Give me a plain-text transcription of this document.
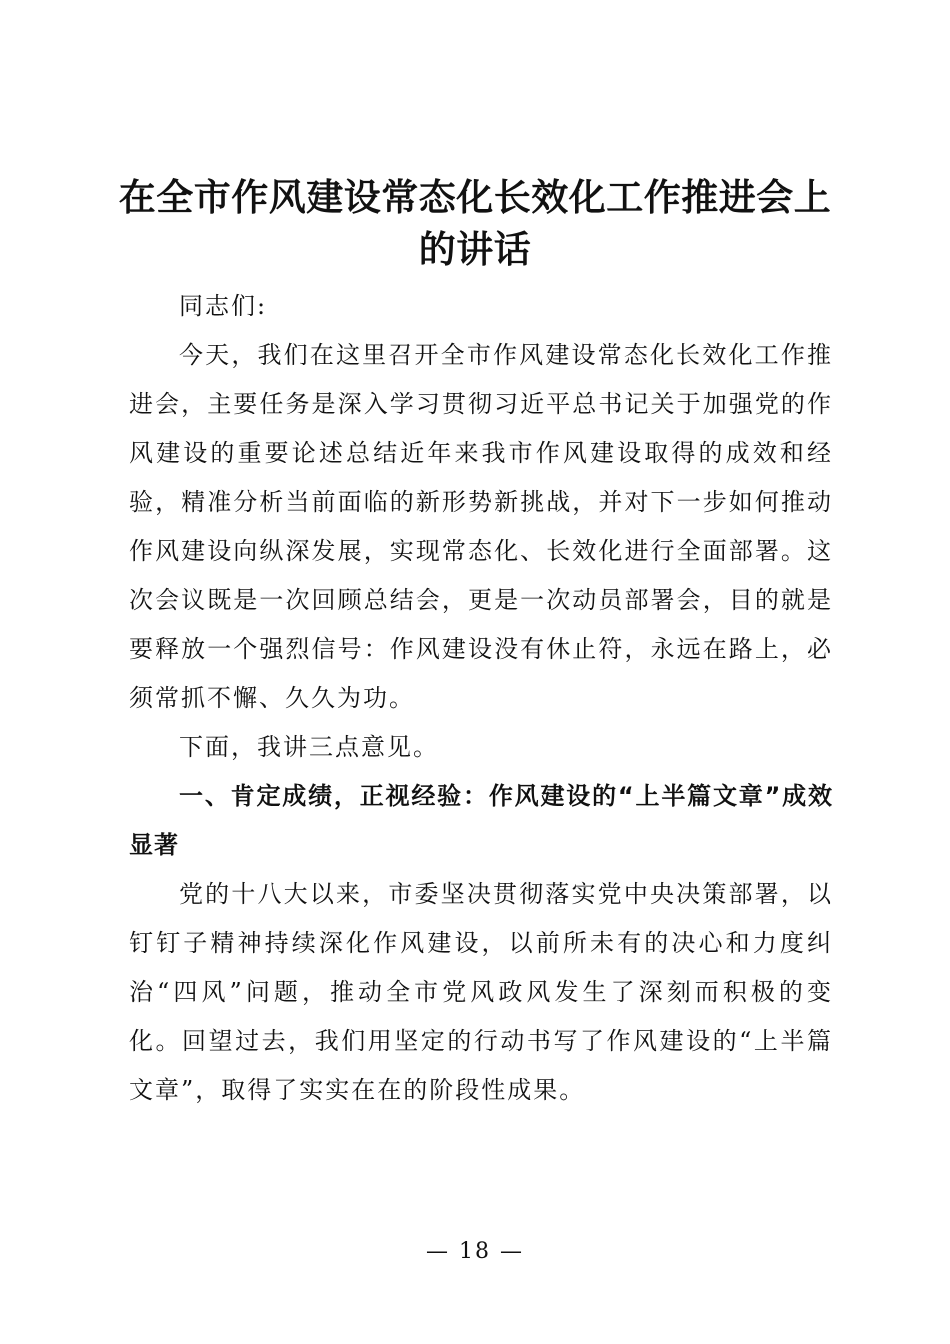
在全市作风建设常态化长效化工作推进会上的讲话

同志们:

今天，我们在这里召开全市作风建设常态化长效化工作推进会，主要任务是深入学习贯彻习近平总书记关于加强党的作风建设的重要论述总结近年来我市作风建设取得的成效和经验，精准分析当前面临的新形势新挑战，并对下一步如何推动作风建设向纵深发展，实现常态化、长效化进行全面部署。这次会议既是一次回顾总结会，更是一次动员部署会，目的就是要释放一个强烈信号：作风建设没有休止符，永远在路上，必须常抓不懈、久久为功。

下面，我讲三点意见。

一、肯定成绩，正视经验：作风建设的“上半篇文章”成效显著

党的十八大以来，市委坚决贯彻落实党中央决策部署，以钉钉子精神持续深化作风建设，以前所未有的决心和力度纠治“四风”问题，推动全市党风政风发生了深刻而积极的变化。回望过去，我们用坚定的行动书写了作风建设的“上半篇文章”，取得了实实在在的阶段性成果。

— 18 —
